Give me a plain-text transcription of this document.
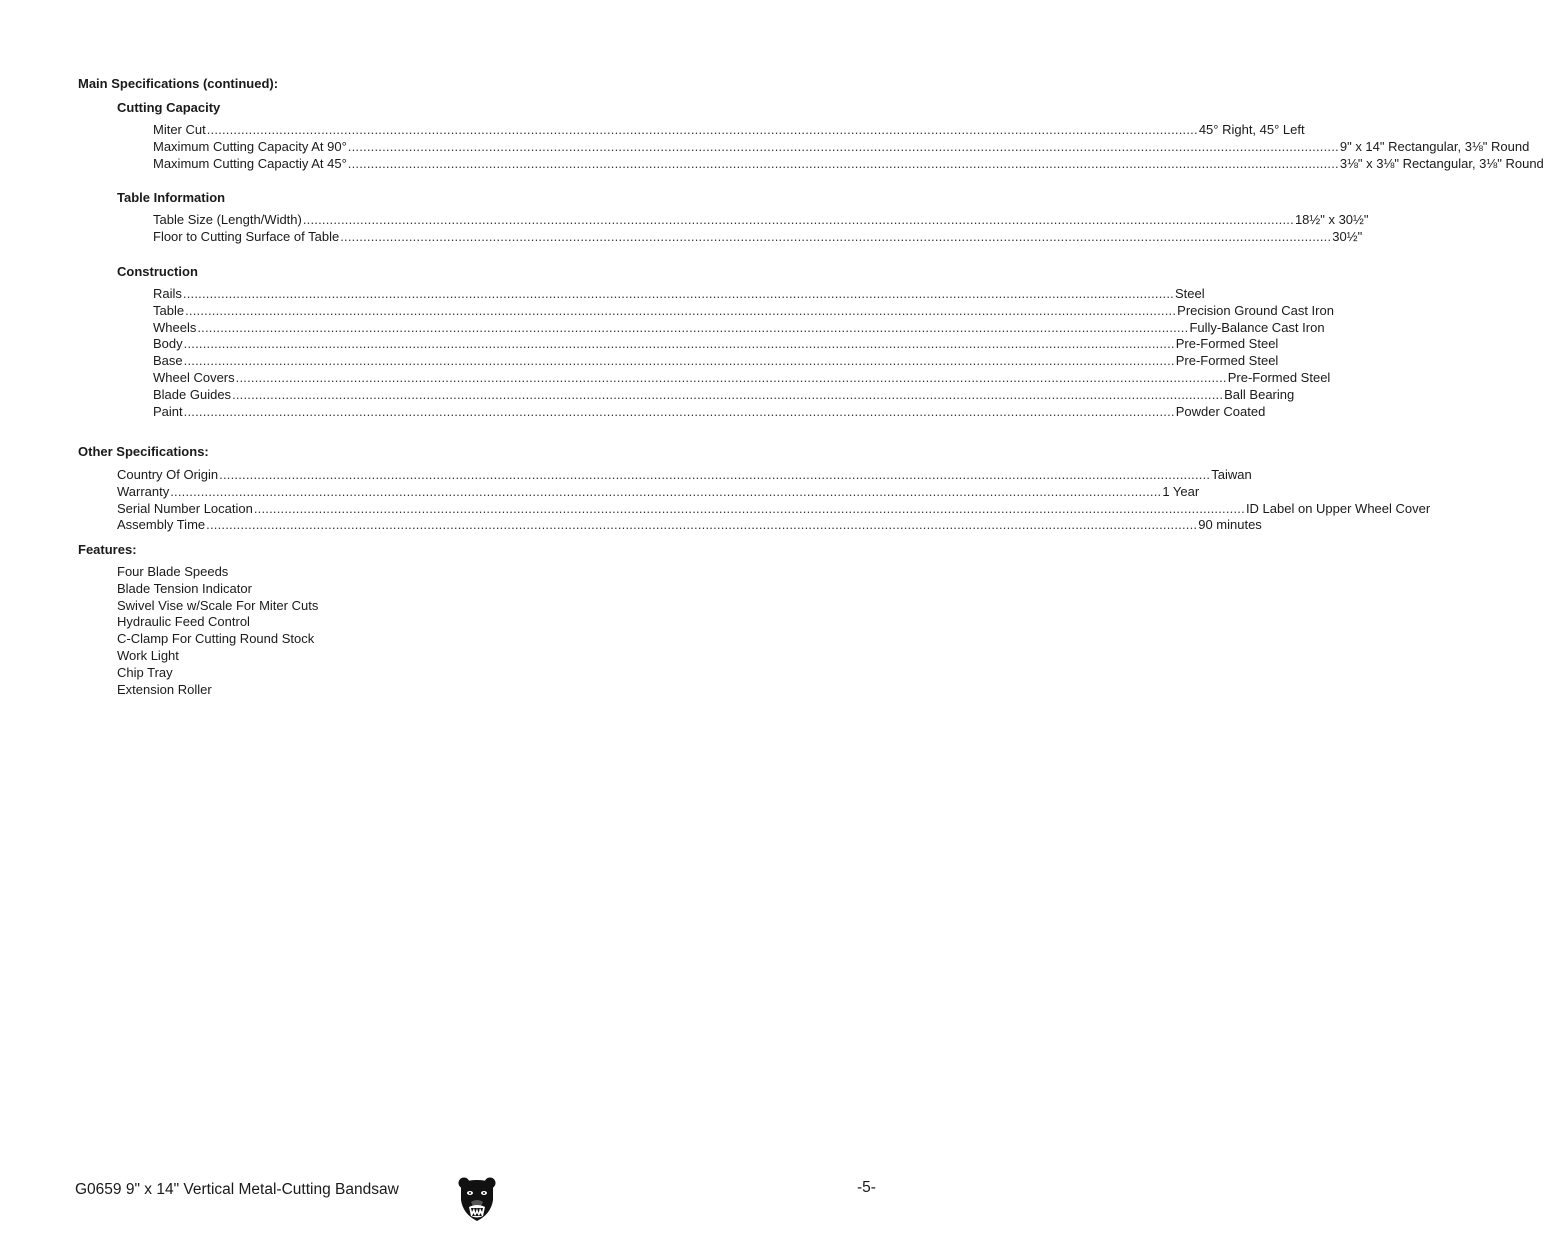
Main Specifications (continued):
Cutting Capacity
Miter Cut .................................................................................................................................................................................................................................................................... 45° Right, 45° Left
Maximum Cutting Capacity At 90° .................................................................................................................................................................................................................................................................... 9" x 14" Rectangular, 3⅛" Round
Maximum Cutting Capactiy At 45° .................................................................................................................................................................................................................................................................... 3⅛" x 3⅛" Rectangular, 3⅛" Round
Table Information
Table Size (Length/Width) .................................................................................................................................................................................................................................................................... 18½" x 30½"
Floor to Cutting Surface of Table .................................................................................................................................................................................................................................................................... 30½"
Construction
Rails .................................................................................................................................................................................................................................................................... Steel
Table .................................................................................................................................................................................................................................................................... Precision Ground Cast Iron
Wheels .................................................................................................................................................................................................................................................................... Fully-Balance Cast Iron
Body .................................................................................................................................................................................................................................................................... Pre-Formed Steel
Base .................................................................................................................................................................................................................................................................... Pre-Formed Steel
Wheel Covers .................................................................................................................................................................................................................................................................... Pre-Formed Steel
Blade Guides .................................................................................................................................................................................................................................................................... Ball Bearing
Paint .................................................................................................................................................................................................................................................................... Powder Coated
Other Specifications:
Country Of Origin .................................................................................................................................................................................................................................................................... Taiwan
Warranty .................................................................................................................................................................................................................................................................... 1 Year
Serial Number Location .................................................................................................................................................................................................................................................................... ID Label on Upper Wheel Cover
Assembly Time .................................................................................................................................................................................................................................................................... 90 minutes
Features:
Four Blade Speeds
Blade Tension Indicator
Swivel Vise w/Scale For Miter Cuts
Hydraulic Feed Control
C-Clamp For Cutting Round Stock
Work Light
Chip Tray
Extension Roller
G0659 9" x 14" Vertical Metal-Cutting Bandsaw	-5-
